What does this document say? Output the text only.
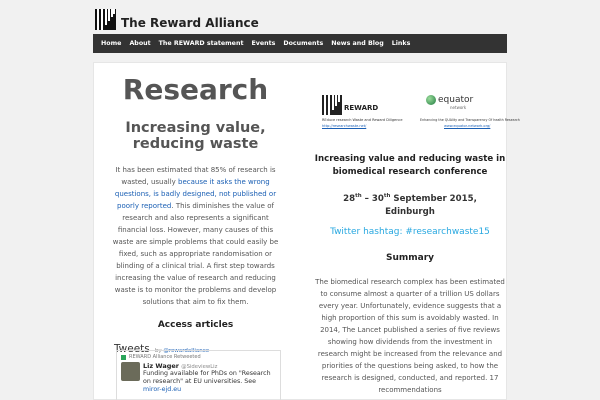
The Reward Alliance
Home	About	The REWARD statement	Events	Documents	News and Blog	Links
Research
Increasing value, reducing waste
It has been estimated that 85% of research is wasted, usually because it asks the wrong questions, is badly designed, not published or poorly reported. This diminishes the value of research and also represents a significant financial loss. However, many causes of this waste are simple problems that could easily be fixed, such as appropriate randomisation or blinding of a clinical trial. A first step towards increasing the value of research and reducing waste is to monitor the problems and develop solutions that aim to fix them.
Access articles
Tweets by @rewardalliance
REWARD Alliance Retweeted
Liz Wager @SideviewLiz
Funding available for PhDs on "Research on research" at EU universities. See miror-ejd.eu
REWARD
REduce research Waste and Reward Diligence
http://researchwaste.net/
equator
network
Enhancing the QUAlity and Transparency Of health Research
www.equator-network.org/
Increasing value and reducing waste in biomedical research conference
28th – 30th September 2015,
Edinburgh
Twitter hashtag: #researchwaste15
Summary
The biomedical research complex has been estimated to consume almost a quarter of a trillion US dollars every year. Unfortunately, evidence suggests that a high proportion of this sum is avoidably wasted. In 2014, The Lancet published a series of five reviews showing how dividends from the investment in research might be increased from the relevance and priorities of the questions being asked, to how the research is designed, conducted, and reported. 17 recommendations
